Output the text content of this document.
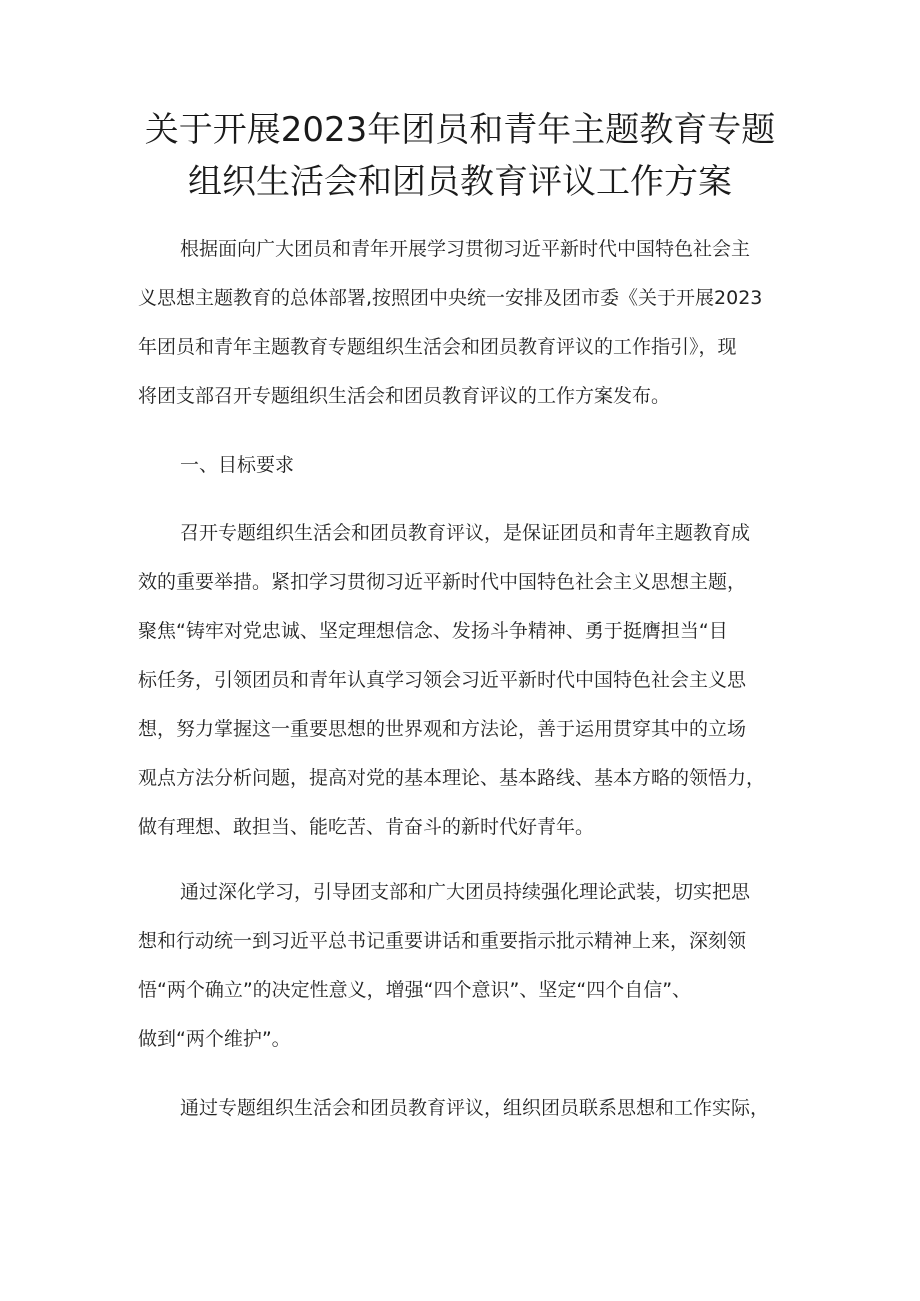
关于开展2023年团员和青年主题教育专题
组织生活会和团员教育评议工作方案
根据面向广大团员和青年开展学习贯彻习近平新时代中国特色社会主
义思想主题教育的总体部署,按照团中央统一安排及团市委《关于开展2023
年团员和青年主题教育专题组织生活会和团员教育评议的工作指引》，现
将团支部召开专题组织生活会和团员教育评议的工作方案发布。
一、目标要求
召开专题组织生活会和团员教育评议，是保证团员和青年主题教育成
效的重要举措。紧扣学习贯彻习近平新时代中国特色社会主义思想主题，
聚焦“铸牢对党忠诚、坚定理想信念、发扬斗争精神、勇于挺膺担当“目
标任务，引领团员和青年认真学习领会习近平新时代中国特色社会主义思
想，努力掌握这一重要思想的世界观和方法论，善于运用贯穿其中的立场
观点方法分析问题，提高对党的基本理论、基本路线、基本方略的领悟力，
做有理想、敢担当、能吃苦、肯奋斗的新时代好青年。
通过深化学习，引导团支部和广大团员持续强化理论武装，切实把思
想和行动统一到习近平总书记重要讲话和重要指示批示精神上来，深刻领
悟“两个确立”的决定性意义，增强“四个意识”、坚定“四个自信”、
做到“两个维护”。
通过专题组织生活会和团员教育评议，组织团员联系思想和工作实际，
